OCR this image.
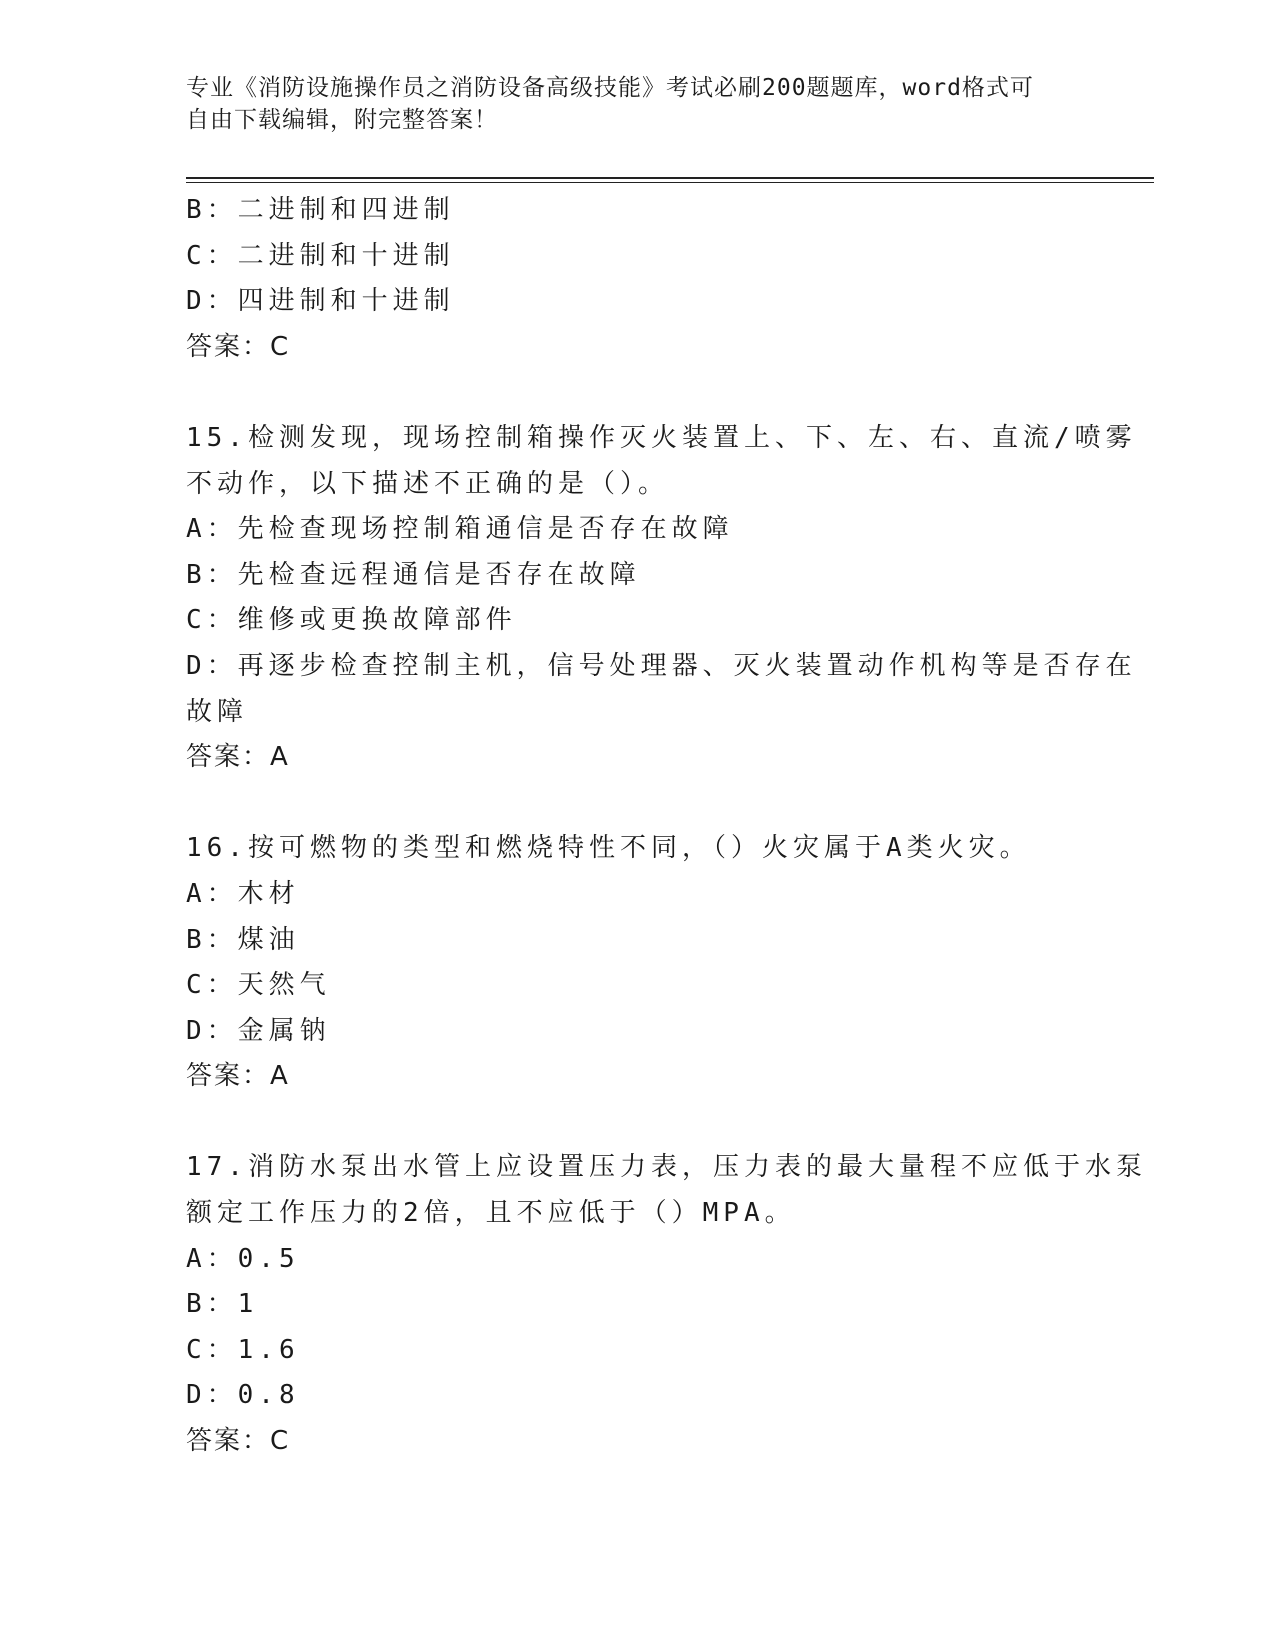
专业《消防设施操作员之消防设备高级技能》考试必刷200题题库，word格式可
自由下载编辑，附完整答案！
B：二进制和四进制
C：二进制和十进制
D：四进制和十进制
答案：C
15.检测发现，现场控制箱操作灭火装置上、下、左、右、直流/喷雾
不动作，以下描述不正确的是（）。
A：先检查现场控制箱通信是否存在故障
B：先检查远程通信是否存在故障
C：维修或更换故障部件
D：再逐步检查控制主机，信号处理器、灭火装置动作机构等是否存在
故障
答案：A
16.按可燃物的类型和燃烧特性不同，（）火灾属于A类火灾。
A：木材
B：煤油
C：天然气
D：金属钠
答案：A
17.消防水泵出水管上应设置压力表，压力表的最大量程不应低于水泵
额定工作压力的2倍，且不应低于（）MPA。
A：0.5
B：1
C：1.6
D：0.8
答案：C
